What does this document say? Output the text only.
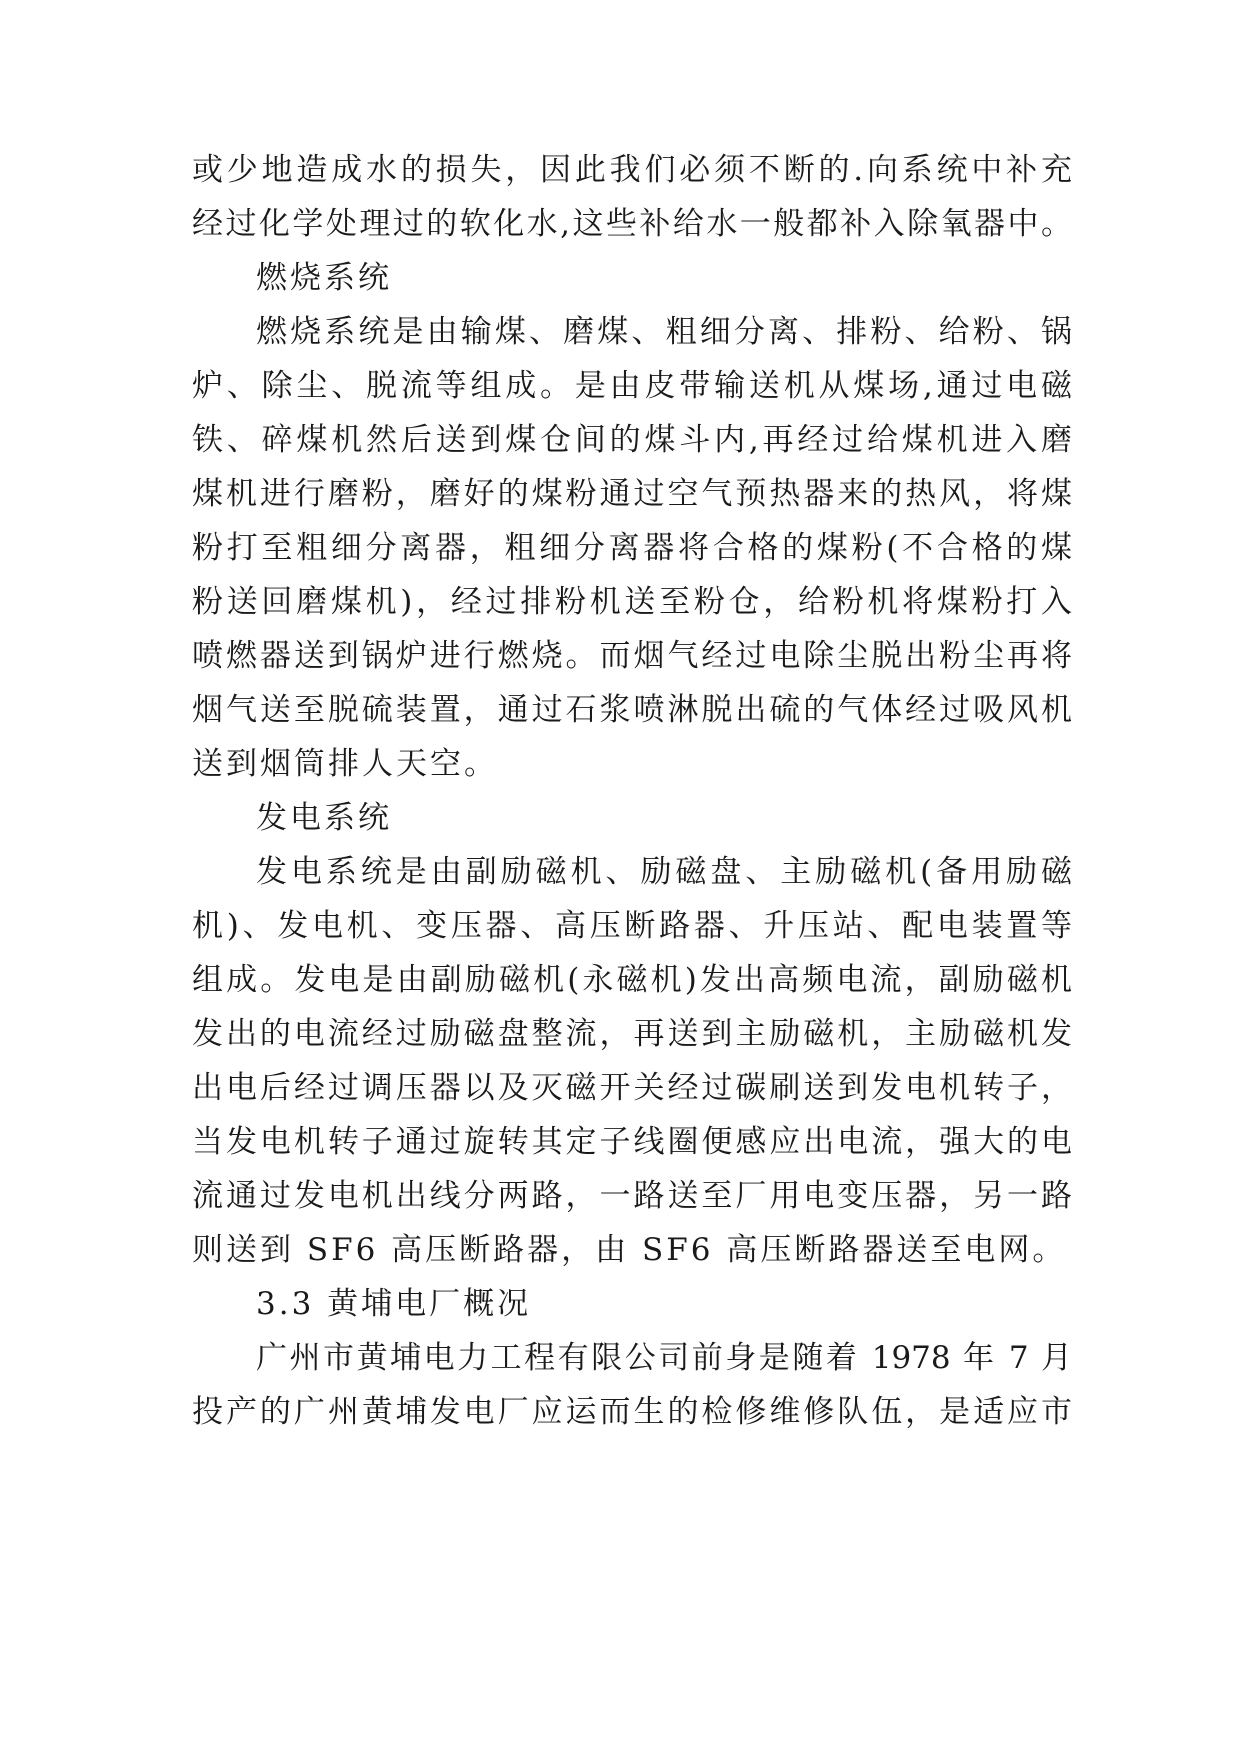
或少地造成水的损失，因此我们必须不断的.向系统中补充
经过化学处理过的软化水,这些补给水一般都补入除氧器中。
燃烧系统
燃烧系统是由输煤、磨煤、粗细分离、排粉、给粉、锅
炉、除尘、脱流等组成。是由皮带输送机从煤场,通过电磁
铁、碎煤机然后送到煤仓间的煤斗内,再经过给煤机进入磨
煤机进行磨粉，磨好的煤粉通过空气预热器来的热风，将煤
粉打至粗细分离器，粗细分离器将合格的煤粉(不合格的煤
粉送回磨煤机)，经过排粉机送至粉仓，给粉机将煤粉打入
喷燃器送到锅炉进行燃烧。而烟气经过电除尘脱出粉尘再将
烟气送至脱硫装置，通过石浆喷淋脱出硫的气体经过吸风机
送到烟筒排人天空。
发电系统
发电系统是由副励磁机、励磁盘、主励磁机(备用励磁
机)、发电机、变压器、高压断路器、升压站、配电装置等
组成。发电是由副励磁机(永磁机)发出高频电流，副励磁机
发出的电流经过励磁盘整流，再送到主励磁机，主励磁机发
出电后经过调压器以及灭磁开关经过碳刷送到发电机转子，
当发电机转子通过旋转其定子线圈便感应出电流，强大的电
流通过发电机出线分两路，一路送至厂用电变压器，另一路
则送到 SF6 高压断路器，由 SF6 高压断路器送至电网。
3.3 黄埔电厂概况
广州市黄埔电力工程有限公司前身是随着 1978 年 7 月
投产的广州黄埔发电厂应运而生的检修维修队伍，是适应市
